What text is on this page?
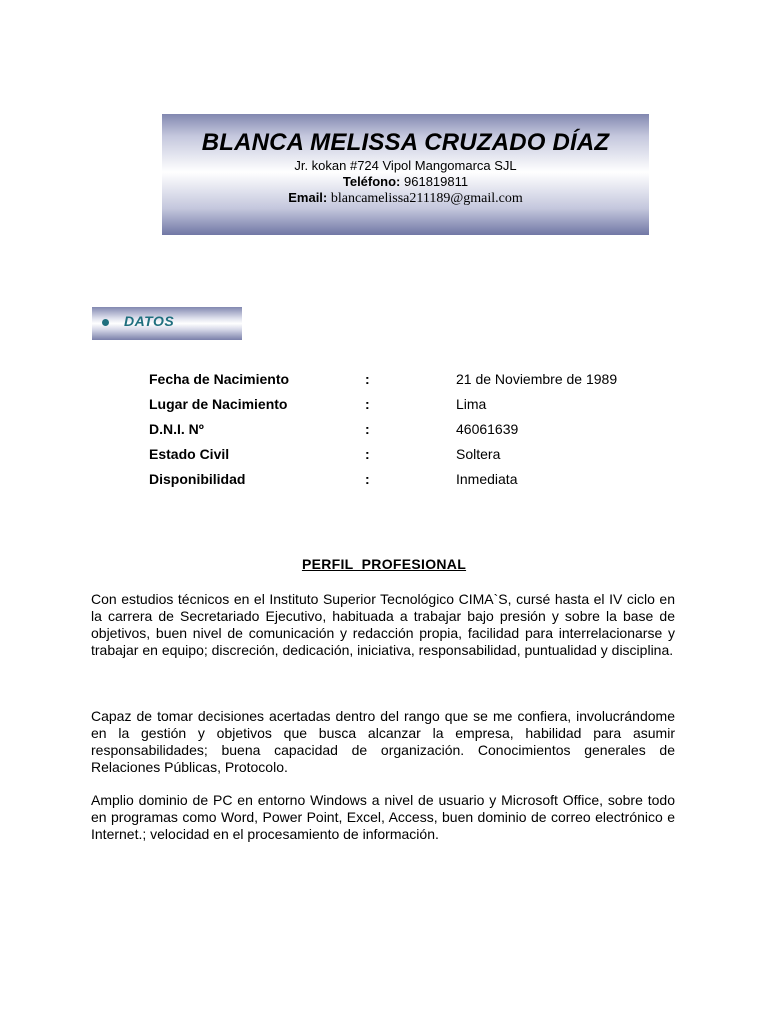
BLANCA MELISSA CRUZADO DÍAZ
Jr. kokan #724 Vipol Mangomarca SJL
Teléfono: 961819811
Email: blancamelissa211189@gmail.com
DATOS
Fecha de Nacimiento	:	21 de Noviembre de 1989
Lugar de Nacimiento	:	Lima
D.N.I. Nº	:	46061639
Estado Civil	:	Soltera
Disponibilidad	:	Inmediata
PERFIL  PROFESIONAL

Con estudios técnicos en el Instituto Superior Tecnológico CIMA`S, cursé hasta el IV ciclo en la carrera de Secretariado Ejecutivo, habituada a trabajar bajo presión y sobre la base de objetivos, buen nivel de comunicación y redacción propia, facilidad para interrelacionarse y trabajar en equipo; discreción, dedicación, iniciativa, responsabilidad, puntualidad y disciplina.

Capaz de tomar decisiones acertadas dentro del rango que se me confiera, involucrándome en la gestión y objetivos que busca alcanzar la empresa, habilidad para asumir responsabilidades; buena capacidad de organización. Conocimientos generales de Relaciones Públicas, Protocolo.

Amplio dominio de PC en entorno Windows a nivel de usuario y Microsoft Office, sobre todo en programas como Word, Power Point, Excel, Access, buen dominio de correo electrónico e Internet.; velocidad en el procesamiento de información.
